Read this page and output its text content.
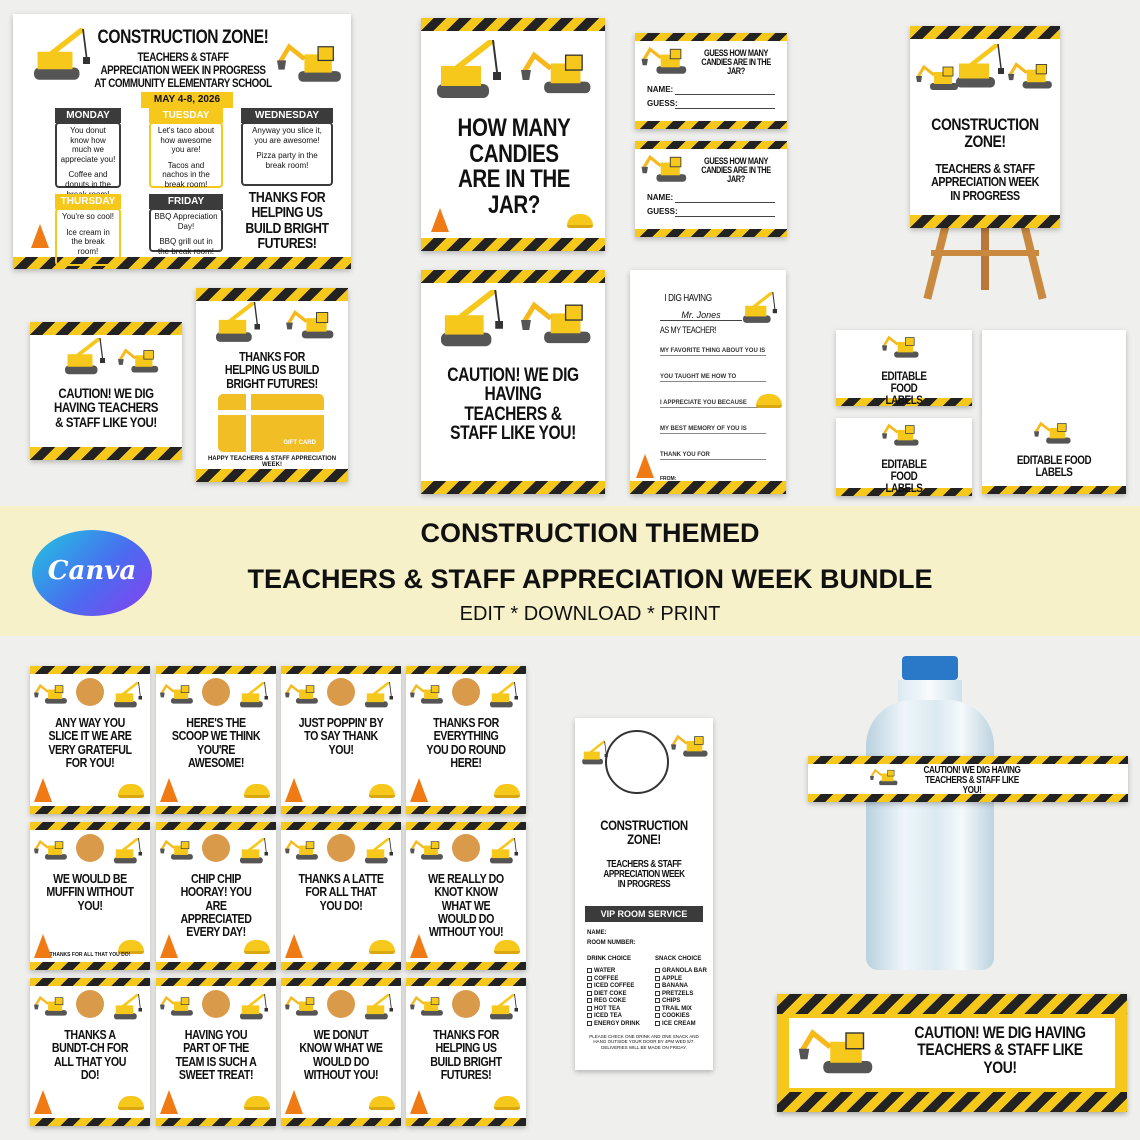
CONSTRUCTION ZONE!
TEACHERS & STAFF
APPRECIATION WEEK IN PROGRESS
AT COMMUNITY ELEMENTARY SCHOOL
MAY 4-8, 2026
MONDAY
You donut know how much we appreciate you!
Coffee and donuts in the
TUESDAY
Let's taco about how awesome you are!
Tacos and nachos in the break room!
WEDNESDAY
Anyway you slice it, you are awesome!
Pizza party in the break room!
THURSDAY
You're so cool!
Ice cream in the break room!
FRIDAY
BBQ Appreciation Day!
BBQ grill out in the break room!
THANKS FOR HELPING US BUILD BRIGHT FUTURES!
HOW MANY CANDIES ARE IN THE JAR?
GUESS HOW MANY CANDIES ARE IN THE JAR?
NAME:
GUESS:
GUESS HOW MANY CANDIES ARE IN THE JAR?
NAME:
GUESS:
CONSTRUCTION ZONE!
TEACHERS & STAFF APPRECIATION WEEK IN PROGRESS
CAUTION! WE DIG HAVING TEACHERS & STAFF LIKE YOU!
THANKS FOR HELPING US BUILD BRIGHT FUTURES!
GIFT CARD
HAPPY TEACHERS & STAFF APPRECIATION WEEK!
CAUTION! WE DIG HAVING TEACHERS & STAFF LIKE YOU!
I DIG HAVING
Mr. Jones
AS MY TEACHER!
MY FAVORITE THING ABOUT YOU IS
YOU TAUGHT ME HOW TO
I APPRECIATE YOU BECAUSE
MY BEST MEMORY OF YOU IS
THANK YOU FOR
FROM:
EDITABLE FOOD LABELS
EDITABLE FOOD LABELS
EDITABLE FOOD LABELS
Canva
CONSTRUCTION THEMED
TEACHERS & STAFF APPRECIATION WEEK BUNDLE
EDIT * DOWNLOAD * PRINT
ANY WAY YOU SLICE IT WE ARE VERY GRATEFUL FOR YOU!
HERE'S THE SCOOP WE THINK YOU'RE AWESOME!
JUST POPPIN' BY TO SAY THANK YOU!
THANKS FOR EVERYTHING YOU DO ROUND HERE!
WE WOULD BE MUFFIN WITHOUT YOU!
THANKS FOR ALL THAT YOU DO!
CHIP CHIP HOORAY! YOU ARE APPRECIATED EVERY DAY!
THANKS A LATTE FOR ALL THAT YOU DO!
WE REALLY DO KNOT KNOW WHAT WE WOULD DO WITHOUT YOU!
THANKS A BUNDT-CH FOR ALL THAT YOU DO!
HAVING YOU PART OF THE TEAM IS SUCH A SWEET TREAT!
WE DONUT KNOW WHAT WE WOULD DO WITHOUT YOU!
THANKS FOR HELPING US BUILD BRIGHT FUTURES!
CONSTRUCTION ZONE!
TEACHERS & STAFF APPRECIATION WEEK IN PROGRESS
VIP ROOM SERVICE
NAME:
ROOM NUMBER:
DRINK CHOICE	SNACK CHOICE
WATER
COFFEE
ICED COFFEE
DIET COKE
REG COKE
HOT TEA
ICED TEA
ENERGY DRINK
GRANOLA BAR
APPLE
BANANA
PRETZELS
CHIPS
TRAIL MIX
COOKIES
ICE CREAM
PLEASE CHECK ONE DRINK AND ONE SNACK AND HANG OUTSIDE YOUR DOOR BY 4PM WED 5/7. DELIVERIES WILL BE MADE ON FRIDAY.
CAUTION! WE DIG HAVING TEACHERS & STAFF LIKE YOU!
CAUTION! WE DIG HAVING TEACHERS & STAFF LIKE YOU!
